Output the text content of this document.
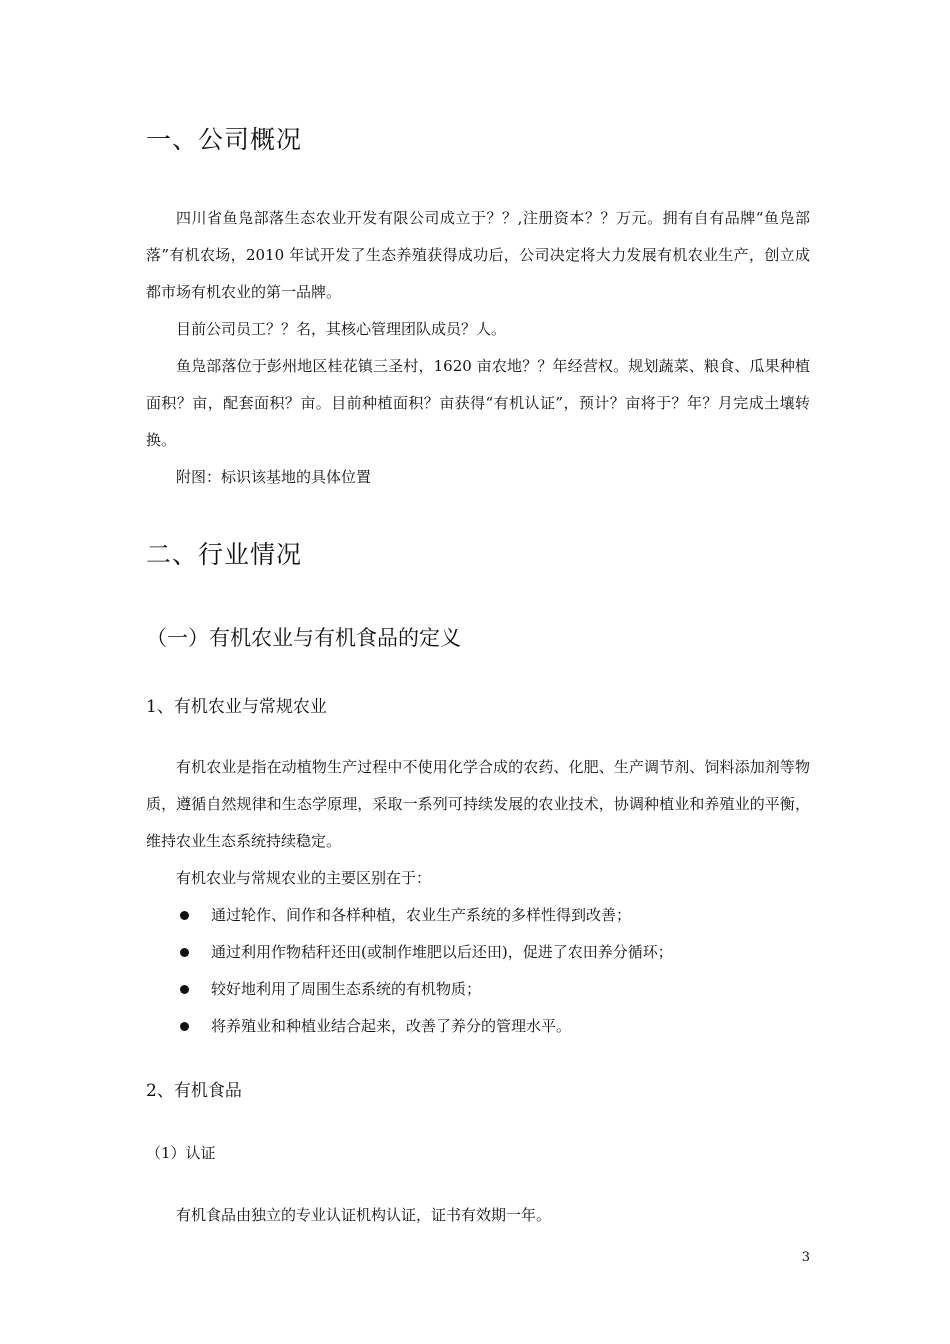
一、公司概况
四川省鱼凫部落生态农业开发有限公司成立于？？,注册资本？？万元。拥有自有品牌“鱼凫部落”有机农场，2010 年试开发了生态养殖获得成功后，公司决定将大力发展有机农业生产，创立成都市场有机农业的第一品牌。
目前公司员工？？名，其核心管理团队成员？人。
鱼凫部落位于彭州地区桂花镇三圣村，1620 亩农地？？年经营权。规划蔬菜、粮食、瓜果种植面积？亩，配套面积？亩。目前种植面积？亩获得“有机认证”，预计？亩将于？年？月完成土壤转换。
附图：标识该基地的具体位置
二、行业情况
（一）有机农业与有机食品的定义
1、有机农业与常规农业
有机农业是指在动植物生产过程中不使用化学合成的农药、化肥、生产调节剂、饲料添加剂等物质，遵循自然规律和生态学原理，采取一系列可持续发展的农业技术，协调种植业和养殖业的平衡，维持农业生态系统持续稳定。
有机农业与常规农业的主要区别在于：
通过轮作、间作和各样种植，农业生产系统的多样性得到改善；
通过利用作物秸秆还田(或制作堆肥以后还田)，促进了农田养分循环；
较好地利用了周围生态系统的有机物质；
将养殖业和种植业结合起来，改善了养分的管理水平。
2、有机食品
（1）认证
有机食品由独立的专业认证机构认证，证书有效期一年。
3
